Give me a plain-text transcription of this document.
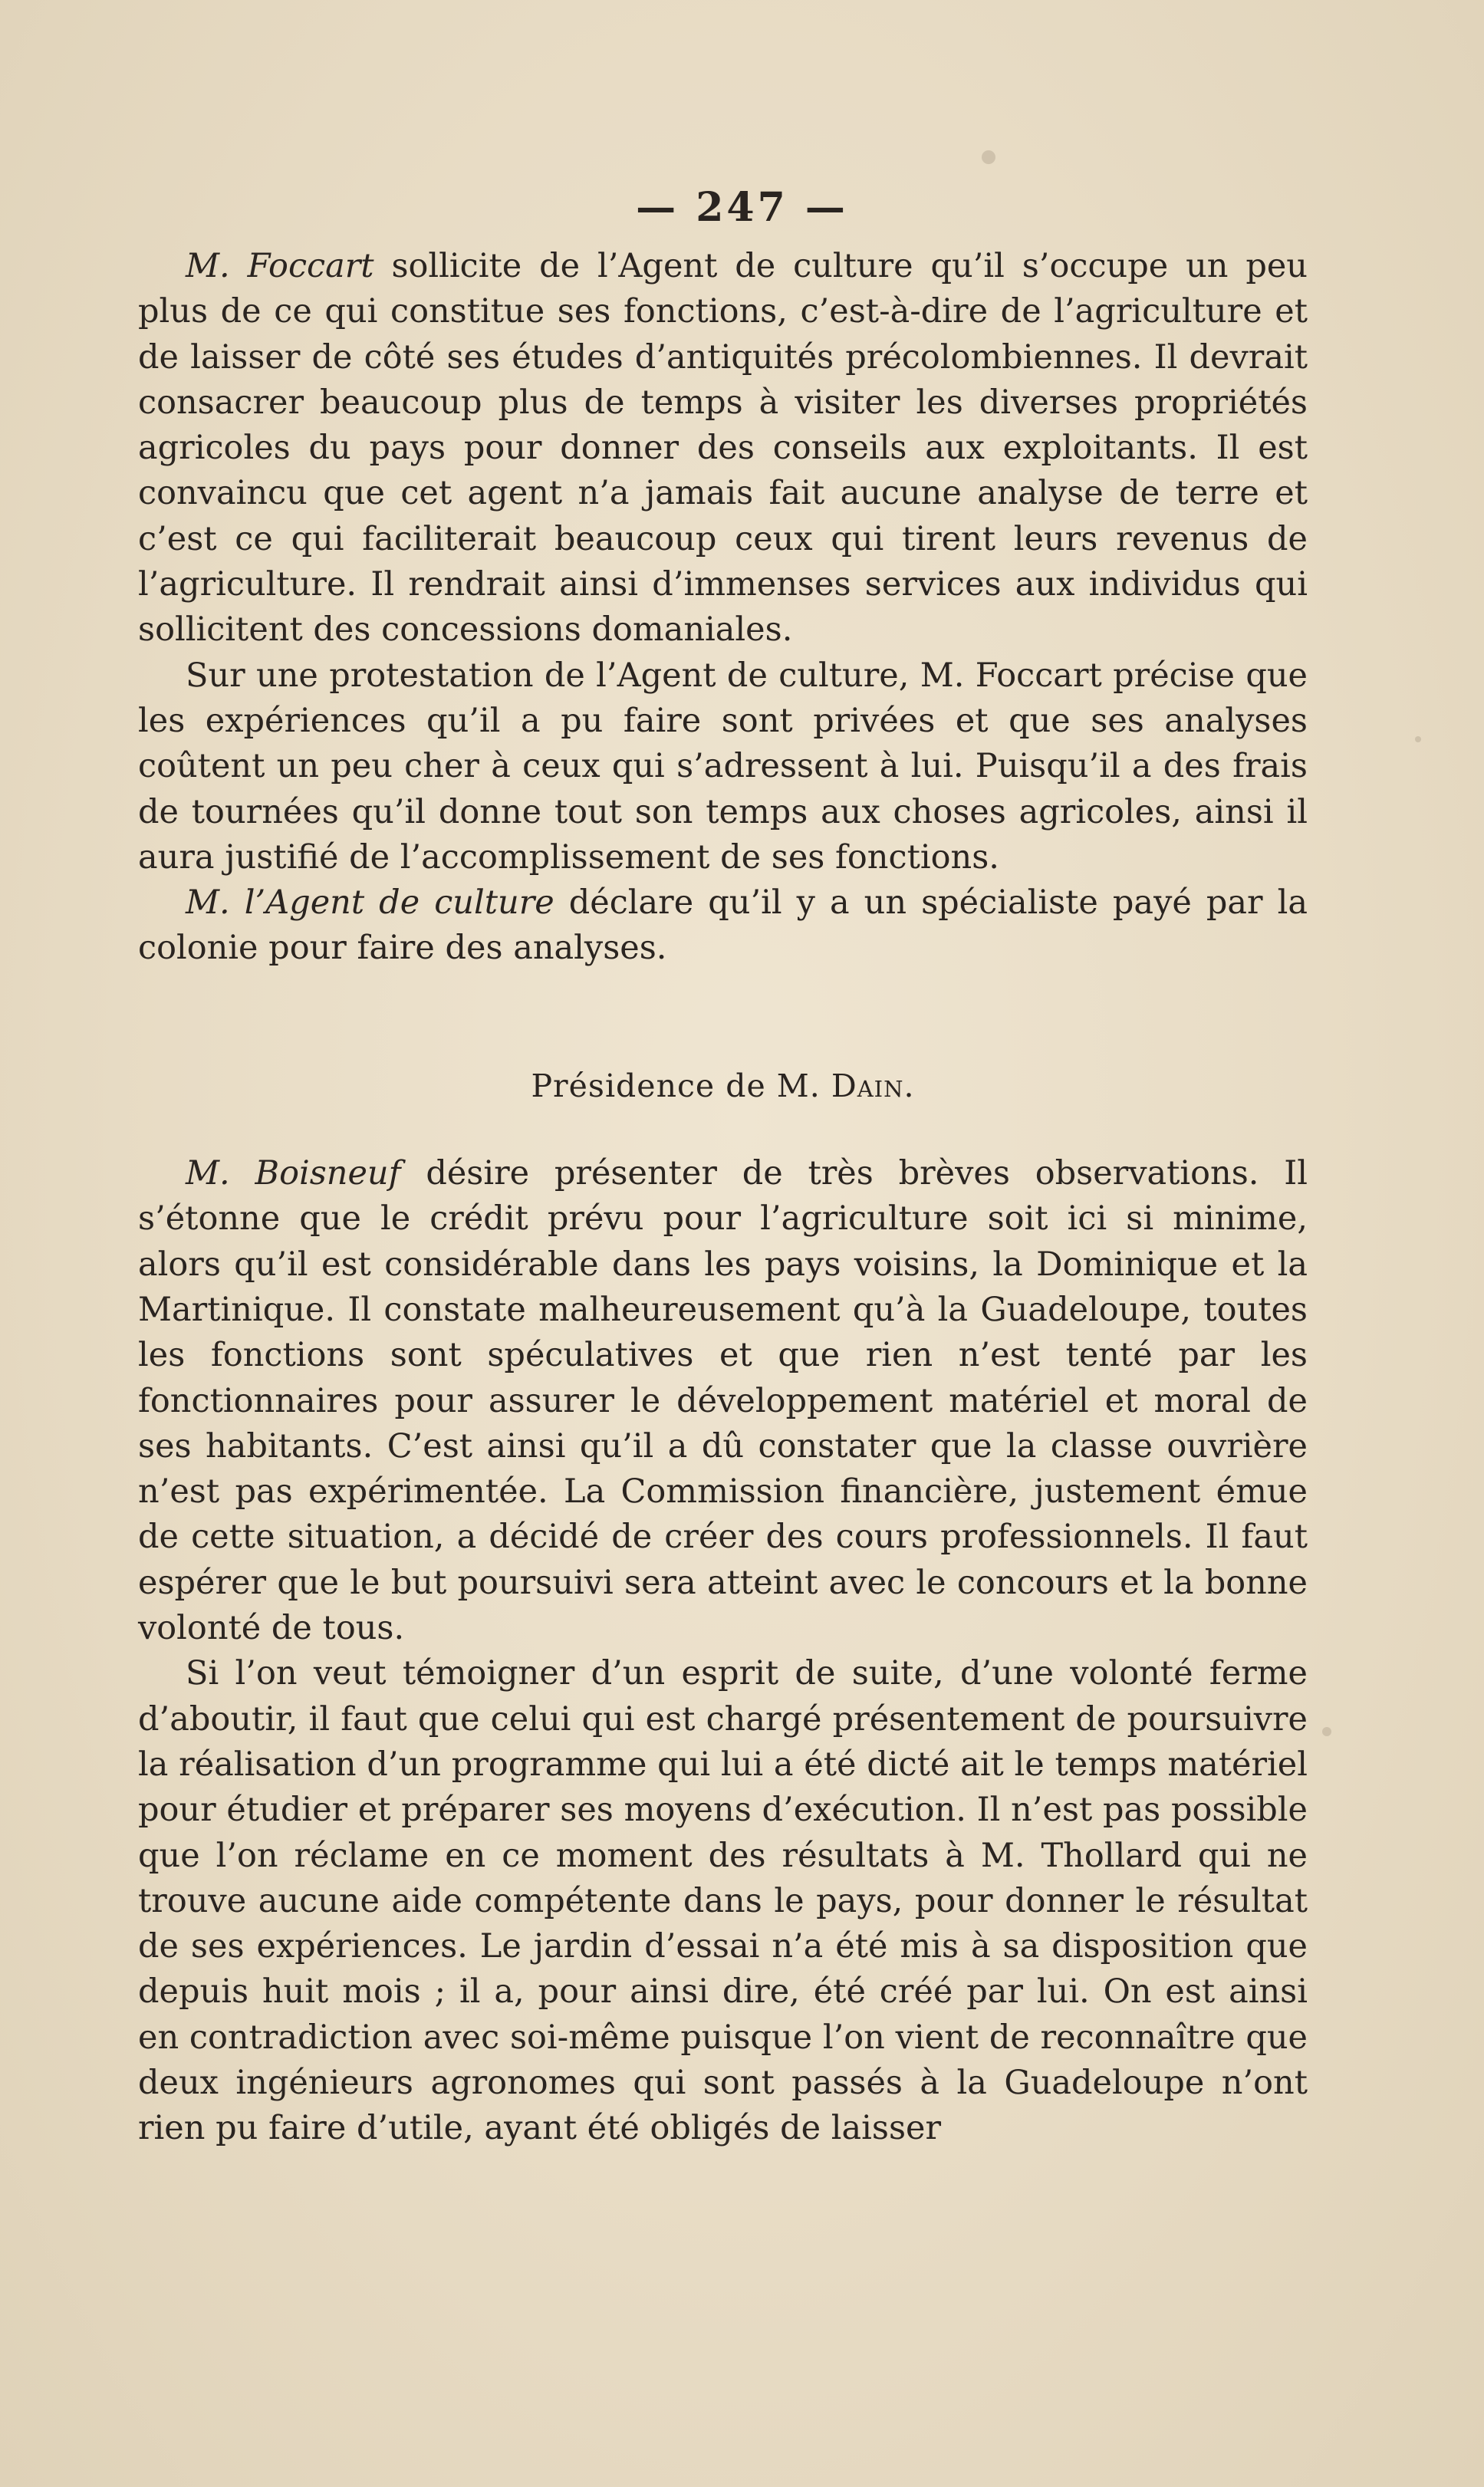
— 247 —

M. Foccart sollicite de l’Agent de culture qu’il s’occupe un peu plus de ce qui constitue ses fonctions, c’est-à-dire de l’agriculture et de laisser de côté ses études d’antiquités précolombiennes. Il devrait consacrer beaucoup plus de temps à visiter les diverses propriétés agricoles du pays pour donner des conseils aux exploitants. Il est convaincu que cet agent n’a jamais fait aucune analyse de terre et c’est ce qui faciliterait beaucoup ceux qui tirent leurs revenus de l’agriculture. Il rendrait ainsi d’immenses services aux individus qui sollicitent des concessions domaniales.

Sur une protestation de l’Agent de culture, M. Foccart précise que les expériences qu’il a pu faire sont privées et que ses analyses coûtent un peu cher à ceux qui s’adressent à lui. Puisqu’il a des frais de tournées qu’il donne tout son temps aux choses agricoles, ainsi il aura justifié de l’accomplissement de ses fonctions.

M. l’Agent de culture déclare qu’il y a un spécialiste payé par la colonie pour faire des analyses.

Présidence de M. Dain.

M. Boisneuf désire présenter de très brèves observations. Il s’étonne que le crédit prévu pour l’agriculture soit ici si minime, alors qu’il est considérable dans les pays voisins, la Dominique et la Martinique. Il constate malheureusement qu’à la Guadeloupe, toutes les fonctions sont spéculatives et que rien n’est tenté par les fonctionnaires pour assurer le développement matériel et moral de ses habitants. C’est ainsi qu’il a dû constater que la classe ouvrière n’est pas expérimentée. La Commission financière, justement émue de cette situation, a décidé de créer des cours professionnels. Il faut espérer que le but poursuivi sera atteint avec le concours et la bonne volonté de tous.

Si l’on veut témoigner d’un esprit de suite, d’une volonté ferme d’aboutir, il faut que celui qui est chargé présentement de poursuivre la réalisation d’un programme qui lui a été dicté ait le temps matériel pour étudier et préparer ses moyens d’exécution. Il n’est pas possible que l’on réclame en ce moment des résultats à M. Thollard qui ne trouve aucune aide compétente dans le pays, pour donner le résultat de ses expériences. Le jardin d’essai n’a été mis à sa disposition que depuis huit mois ; il a, pour ainsi dire, été créé par lui. On est ainsi en contradiction avec soi-même puisque l’on vient de reconnaître que deux ingénieurs agronomes qui sont passés à la Guadeloupe n’ont rien pu faire d’utile, ayant été obligés de laisser
